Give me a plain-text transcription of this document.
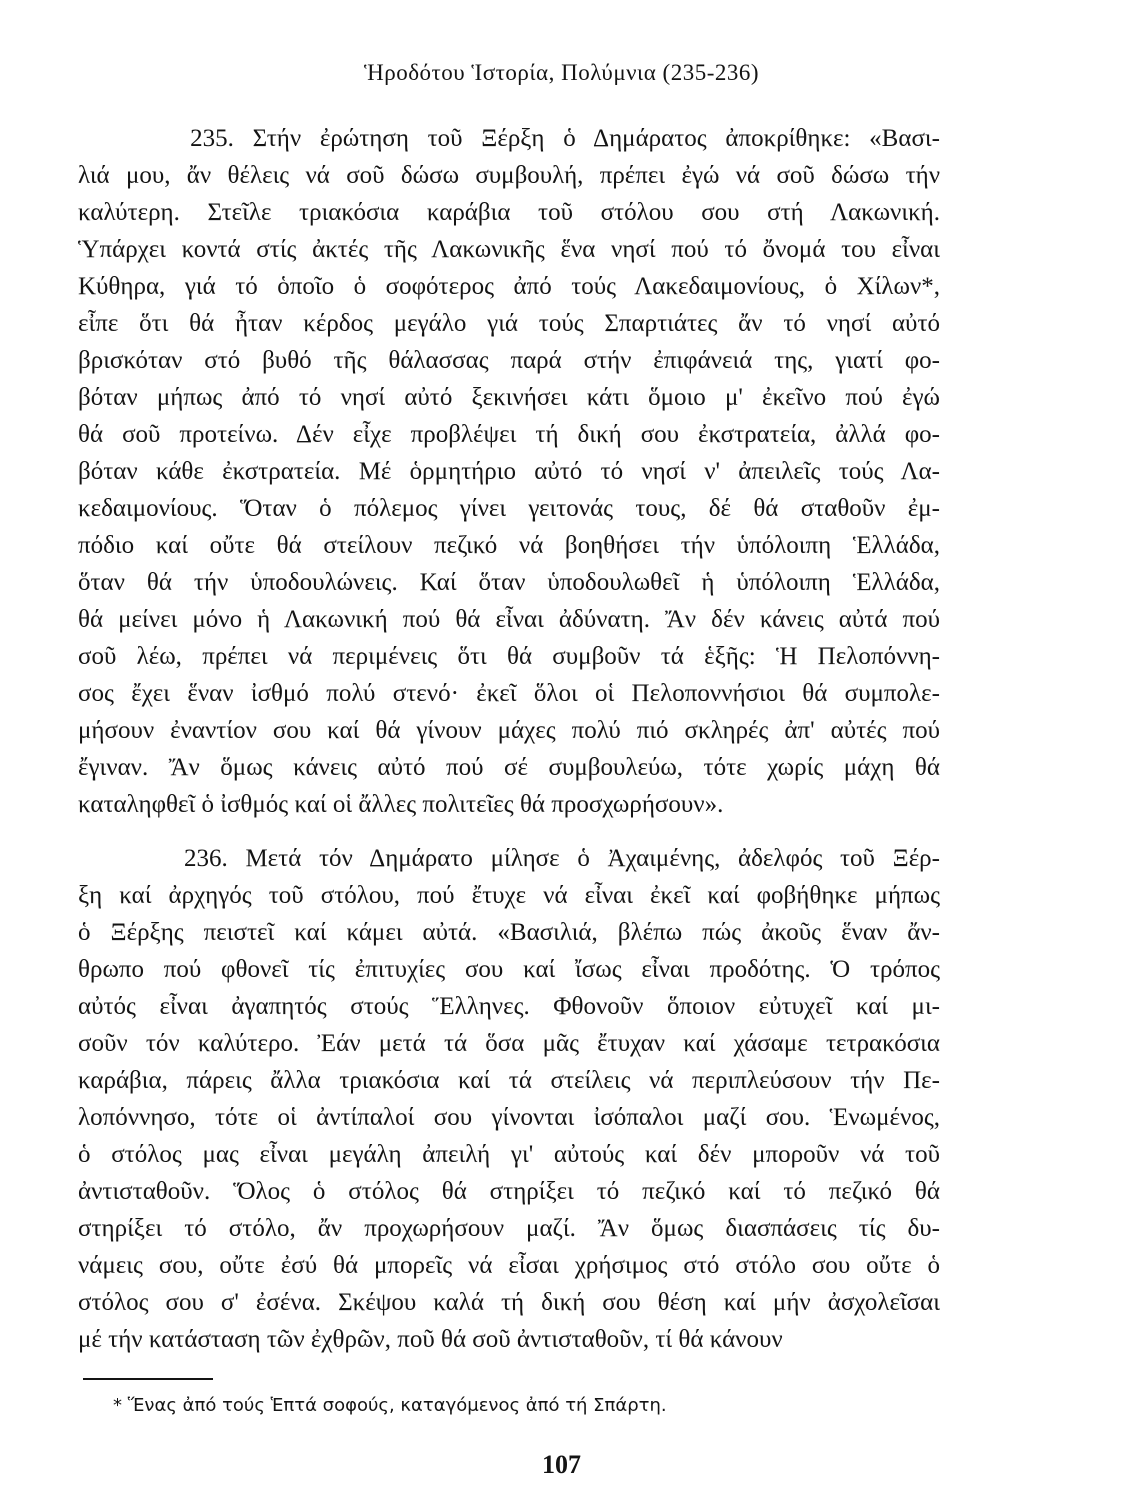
Ἡροδότου Ἱστορία, Πολύμνια (235-236)
235. Στήν ἐρώτηση τοῦ Ξέρξη ὁ Δημάρατος ἀποκρίθηκε: «Βασι-
λιά μου, ἄν θέλεις νά σοῦ δώσω συμβουλή, πρέπει ἐγώ νά σοῦ δώσω τήν
καλύτερη. Στεῖλε τριακόσια καράβια τοῦ στόλου σου στή Λακωνική.
Ὑπάρχει κοντά στίς ἀκτές τῆς Λακωνικῆς ἕνα νησί πού τό ὄνομά του εἶναι
Κύθηρα, γιά τό ὁποῖο ὁ σοφότερος ἀπό τούς Λακεδαιμονίους, ὁ Χίλων*,
εἶπε ὅτι θά ἦταν κέρδος μεγάλο γιά τούς Σπαρτιάτες ἄν τό νησί αὐτό
βρισκόταν στό βυθό τῆς θάλασσας παρά στήν ἐπιφάνειά της, γιατί φο-
βόταν μήπως ἀπό τό νησί αὐτό ξεκινήσει κάτι ὅμοιο μ' ἐκεῖνο πού ἐγώ
θά σοῦ προτείνω. Δέν εἶχε προβλέψει τή δική σου ἐκστρατεία, ἀλλά φο-
βόταν κάθε ἐκστρατεία. Μέ ὁρμητήριο αὐτό τό νησί ν' ἀπειλεῖς τούς Λα-
κεδαιμονίους. Ὅταν ὁ πόλεμος γίνει γειτονάς τους, δέ θά σταθοῦν ἐμ-
πόδιο καί οὔτε θά στείλουν πεζικό νά βοηθήσει τήν ὑπόλοιπη Ἑλλάδα,
ὅταν θά τήν ὑποδουλώνεις. Καί ὅταν ὑποδουλωθεῖ ἡ ὑπόλοιπη Ἑλλάδα,
θά μείνει μόνο ἡ Λακωνική πού θά εἶναι ἀδύνατη. Ἄν δέν κάνεις αὐτά πού
σοῦ λέω, πρέπει νά περιμένεις ὅτι θά συμβοῦν τά ἑξῆς: Ἡ Πελοπόννη-
σος ἔχει ἕναν ἰσθμό πολύ στενό· ἐκεῖ ὅλοι οἱ Πελοποννήσιοι θά συμπολε-
μήσουν ἐναντίον σου καί θά γίνουν μάχες πολύ πιό σκληρές ἀπ' αὐτές πού
ἔγιναν. Ἄν ὅμως κάνεις αὐτό πού σέ συμβουλεύω, τότε χωρίς μάχη θά
καταληφθεῖ ὁ ἰσθμός καί οἱ ἄλλες πολιτεῖες θά προσχωρήσουν».
236. Μετά τόν Δημάρατο μίλησε ὁ Ἀχαιμένης, ἀδελφός τοῦ Ξέρ-
ξη καί ἀρχηγός τοῦ στόλου, πού ἔτυχε νά εἶναι ἐκεῖ καί φοβήθηκε μήπως
ὁ Ξέρξης πειστεῖ καί κάμει αὐτά. «Βασιλιά, βλέπω πώς ἀκοῦς ἕναν ἄν-
θρωπο πού φθονεῖ τίς ἐπιτυχίες σου καί ἴσως εἶναι προδότης. Ὁ τρόπος
αὐτός εἶναι ἀγαπητός στούς Ἕλληνες. Φθονοῦν ὅποιον εὐτυχεῖ καί μι-
σοῦν τόν καλύτερο. Ἐάν μετά τά ὅσα μᾶς ἔτυχαν καί χάσαμε τετρακόσια
καράβια, πάρεις ἄλλα τριακόσια καί τά στείλεις νά περιπλεύσουν τήν Πε-
λοπόννησο, τότε οἱ ἀντίπαλοί σου γίνονται ἰσόπαλοι μαζί σου. Ἑνωμένος,
ὁ στόλος μας εἶναι μεγάλη ἀπειλή γι' αὐτούς καί δέν μποροῦν νά τοῦ
ἀντισταθοῦν. Ὅλος ὁ στόλος θά στηρίξει τό πεζικό καί τό πεζικό θά
στηρίξει τό στόλο, ἄν προχωρήσουν μαζί. Ἄν ὅμως διασπάσεις τίς δυ-
νάμεις σου, οὔτε ἐσύ θά μπορεῖς νά εἶσαι χρήσιμος στό στόλο σου οὔτε ὁ
στόλος σου σ' ἐσένα. Σκέψου καλά τή δική σου θέση καί μήν ἀσχολεῖσαι
μέ τήν κατάσταση τῶν ἐχθρῶν, ποῦ θά σοῦ ἀντισταθοῦν, τί θά κάνουν
* Ἕνας ἀπό τούς Ἑπτά σοφούς, καταγόμενος ἀπό τή Σπάρτη.
107
